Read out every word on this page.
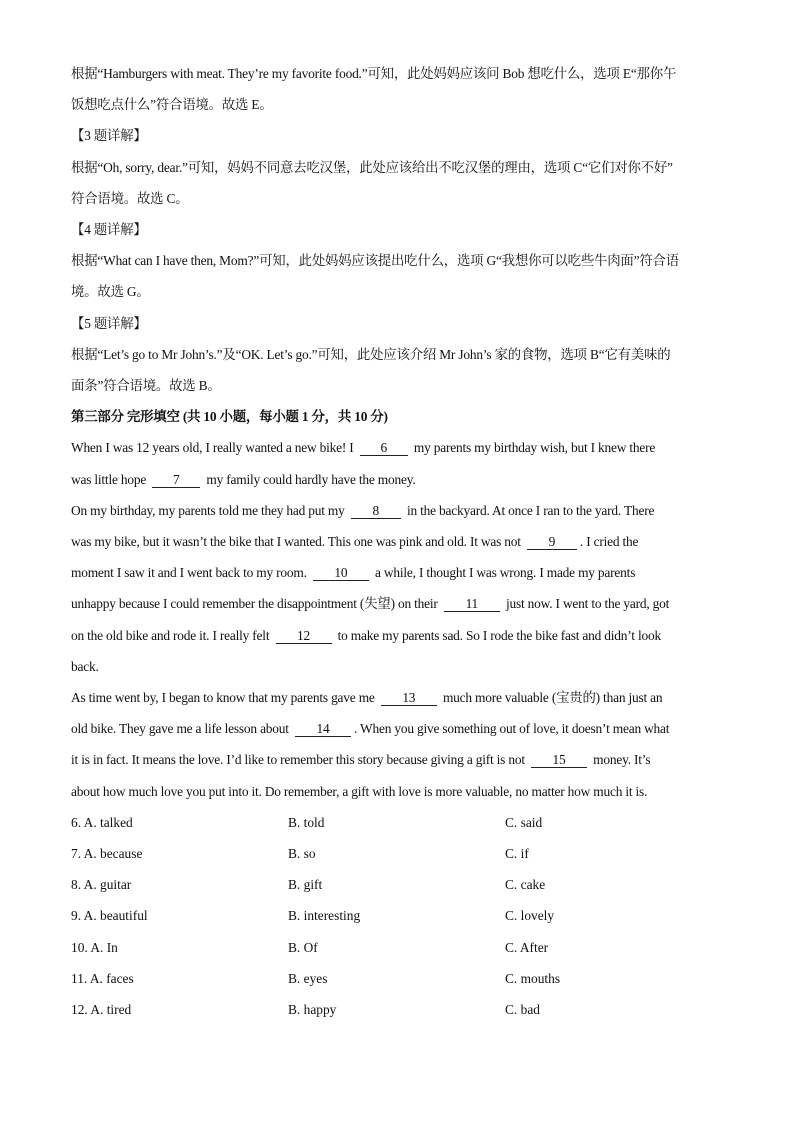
根据“Hamburgers with meat. They’re my favorite food.”可知，此处妈妈应该问 Bob 想吃什么，选项 E“那你午

饭想吃点什么”符合语境。故选 E。

【3 题详解】

根据“Oh, sorry, dear.”可知，妈妈不同意去吃汉堡，此处应该给出不吃汉堡的理由，选项 C“它们对你不好”

符合语境。故选 C。

【4 题详解】

根据“What can I have then, Mom?”可知，此处妈妈应该提出吃什么，选项 G“我想你可以吃些牛肉面”符合语

境。故选 G。

【5 题详解】

根据“Let’s go to Mr John’s.”及“OK. Let’s go.”可知，此处应该介绍 Mr John’s 家的食物，选项 B“它有美味的

面条”符合语境。故选 B。

第三部分 完形填空 (共 10 小题，每小题 1 分，共 10 分)

When I was 12 years old, I really wanted a new bike! I 6 my parents my birthday wish, but I knew there

was little hope 7 my family could hardly have the money.

On my birthday, my parents told me they had put my 8 in the backyard. At once I ran to the yard. There

was my bike, but it wasn’t the bike that I wanted. This one was pink and old. It was not 9 . I cried the

moment I saw it and I went back to my room. 10 a while, I thought I was wrong. I made my parents

unhappy because I could remember the disappointment (失望) on their 11 just now. I went to the yard, got

on the old bike and rode it. I really felt 12 to make my parents sad. So I rode the bike fast and didn’t look

back.

As time went by, I began to know that my parents gave me 13 much more valuable (宝贵的) than just an

old bike. They gave me a life lesson about 14 . When you give something out of love, it doesn’t mean what

it is in fact. It means the love. I’d like to remember this story because giving a gift is not 15 money. It’s

about how much love you put into it. Do remember, a gift with love is more valuable, no matter how much it is.

6. A. talked	B. told	C. said
7. A. because	B. so	C. if
8. A. guitar	B. gift	C. cake
9. A. beautiful	B. interesting	C. lovely
10. A. In	B. Of	C. After
11. A. faces	B. eyes	C. mouths
12. A. tired	B. happy	C. bad
